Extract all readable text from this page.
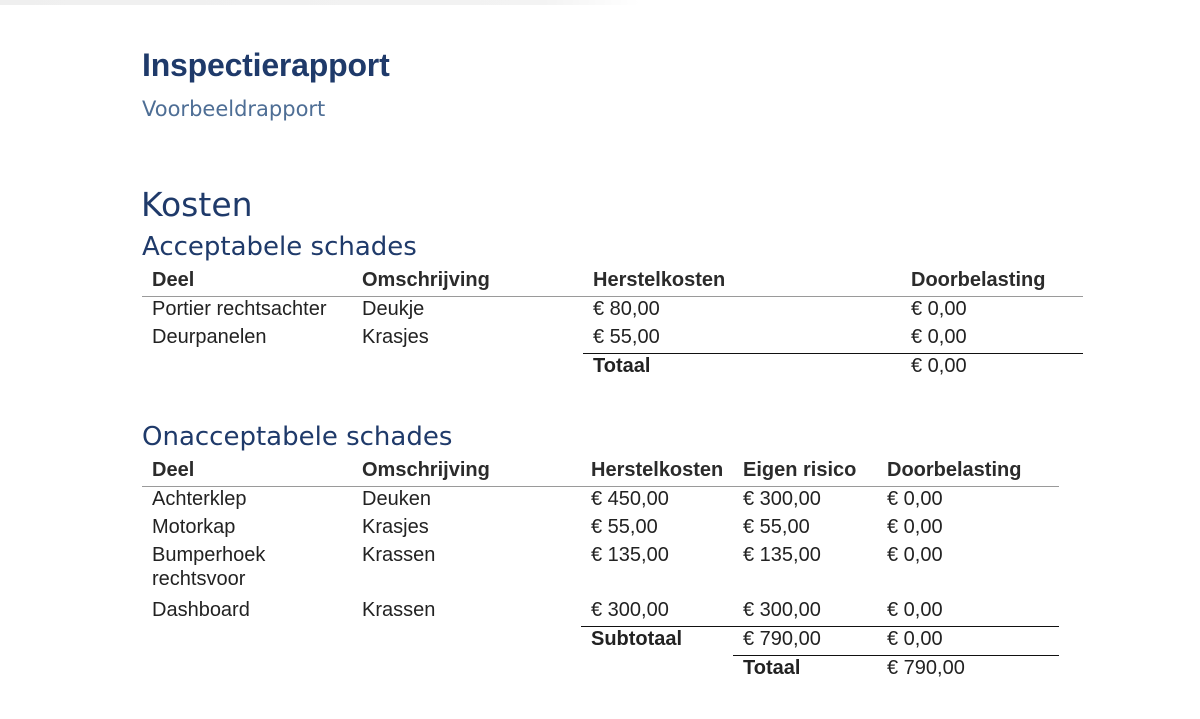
Inspectierapport
Voorbeeldrapport
Kosten
Acceptabele schades
Deel	Omschrijving	Herstelkosten	Doorbelasting
Portier rechtsachter	Deukje	€ 80,00	€ 0,00
Deurpanelen	Krasjes	€ 55,00	€ 0,00
		Totaal	€ 0,00
Onacceptabele schades
Deel	Omschrijving	Herstelkosten	Eigen risico	Doorbelasting
Achterklep	Deuken	€ 450,00	€ 300,00	€ 0,00
Motorkap	Krasjes	€ 55,00	€ 55,00	€ 0,00
Bumperhoek rechtsvoor	Krassen	€ 135,00	€ 135,00	€ 0,00
Dashboard	Krassen	€ 300,00	€ 300,00	€ 0,00
		Subtotaal	€ 790,00	€ 0,00
			Totaal	€ 790,00
